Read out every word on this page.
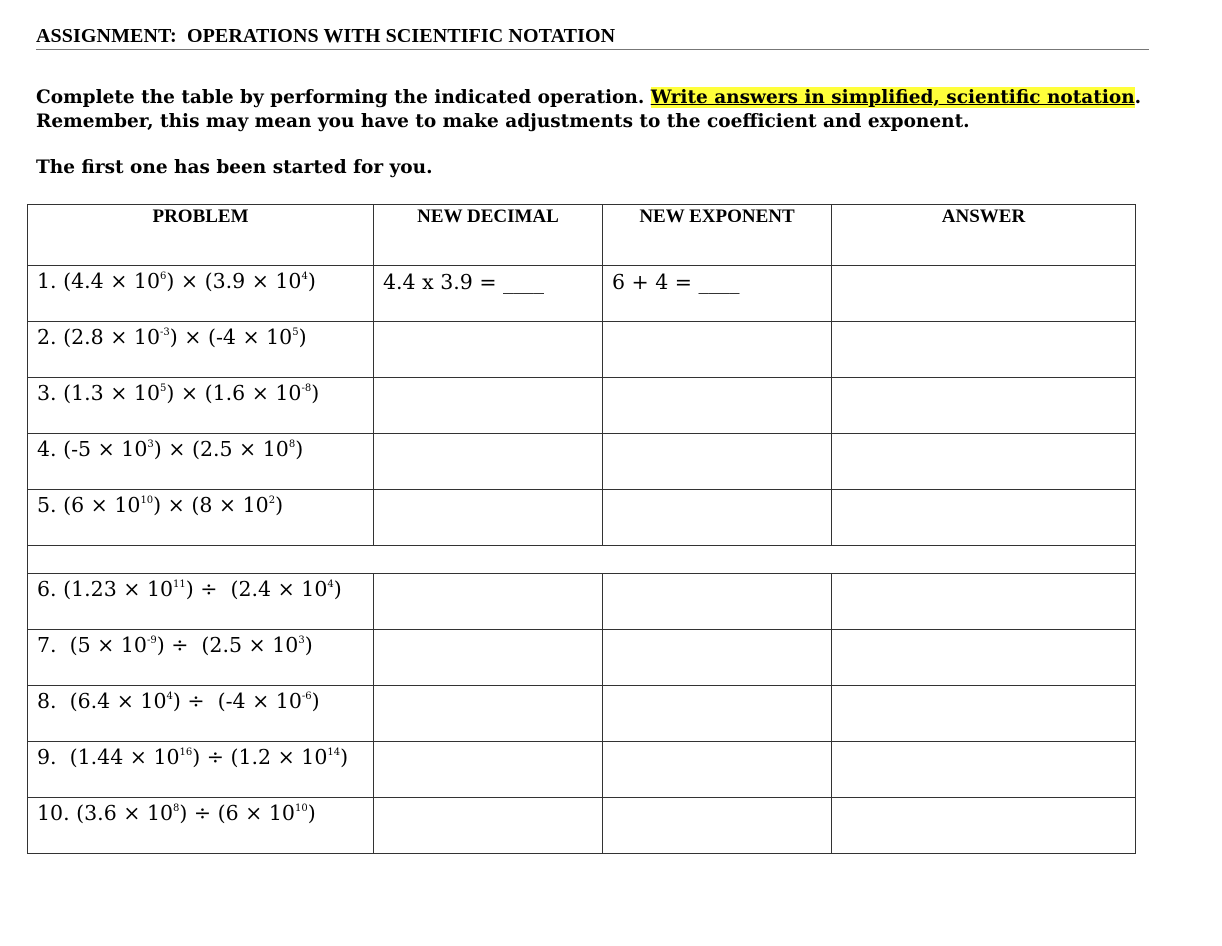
ASSIGNMENT:  OPERATIONS WITH SCIENTIFIC NOTATION
Complete the table by performing the indicated operation. Write answers in simplified, scientific notation. Remember, this may mean you have to make adjustments to the coefficient and exponent.
The first one has been started for you.
PROBLEM	NEW DECIMAL	NEW EXPONENT	ANSWER

1. $(4.4 \times 10^6) \times (3.9 \times 10^4)$	4.4 x 3.9 = ____	6 + 4 = ____	

2. $(2.8 \times 10^{-3}) \times (-4 \times 10^5)$			

3. $(1.3 \times 10^5) \times (1.6 \times 10^{-8})$			

4. $(-5 \times 10^3) \times (2.5 \times 10^8)$			

5. $(6 \times 10^{10}) \times (8 \times 10^2)$			

6. $(1.23 \times 10^{11}) \div (2.4 \times 10^4)$			

7.  $(5 \times 10^{-9}) \div (2.5 \times 10^3)$			

8.  $(6.4 \times 10^4) \div (-4 \times 10^{-6})$			

9.  $(1.44 \times 10^{16}) \div (1.2 \times 10^{14})$			

10. $(3.6 \times 10^8) \div (6 \times 10^{10})$			
